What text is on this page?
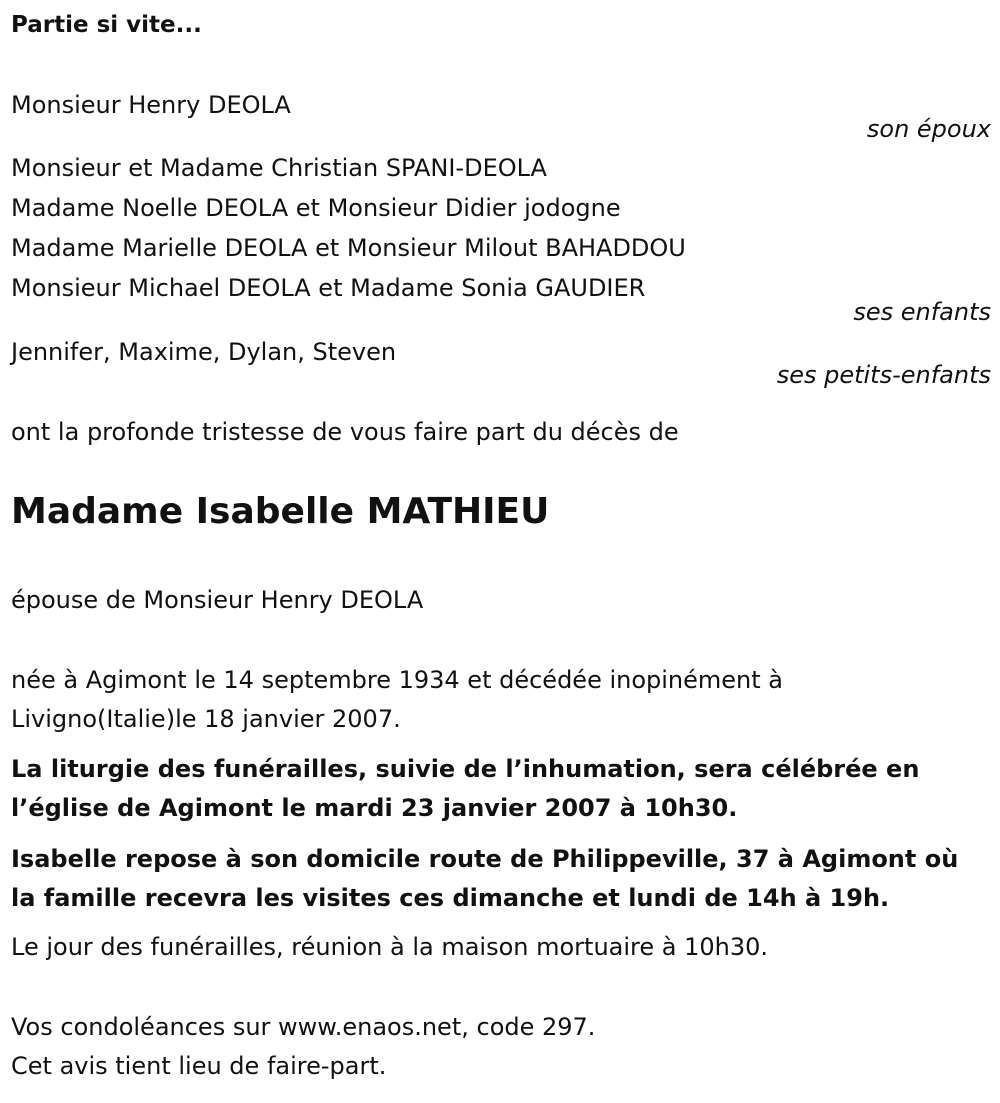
Partie si vite...
Monsieur Henry DEOLA
son époux
Monsieur et Madame Christian SPANI-DEOLA
Madame Noelle DEOLA et Monsieur Didier jodogne
Madame Marielle DEOLA et Monsieur Milout BAHADDOU
Monsieur Michael DEOLA et Madame Sonia GAUDIER
ses enfants
Jennifer, Maxime, Dylan, Steven
ses petits-enfants
ont la profonde tristesse de vous faire part du décès de
Madame Isabelle MATHIEU
épouse de Monsieur Henry DEOLA
née à Agimont le 14 septembre 1934 et décédée inopinément à
Livigno(Italie)le 18 janvier 2007.
La liturgie des funérailles, suivie de l’inhumation, sera célébrée en
l’église de Agimont le mardi 23 janvier 2007 à 10h30.
Isabelle repose à son domicile route de Philippeville, 37 à Agimont où
la famille recevra les visites ces dimanche et lundi de 14h à 19h.
Le jour des funérailles, réunion à la maison mortuaire à 10h30.
Vos condoléances sur www.enaos.net, code 297.
Cet avis tient lieu de faire-part.
